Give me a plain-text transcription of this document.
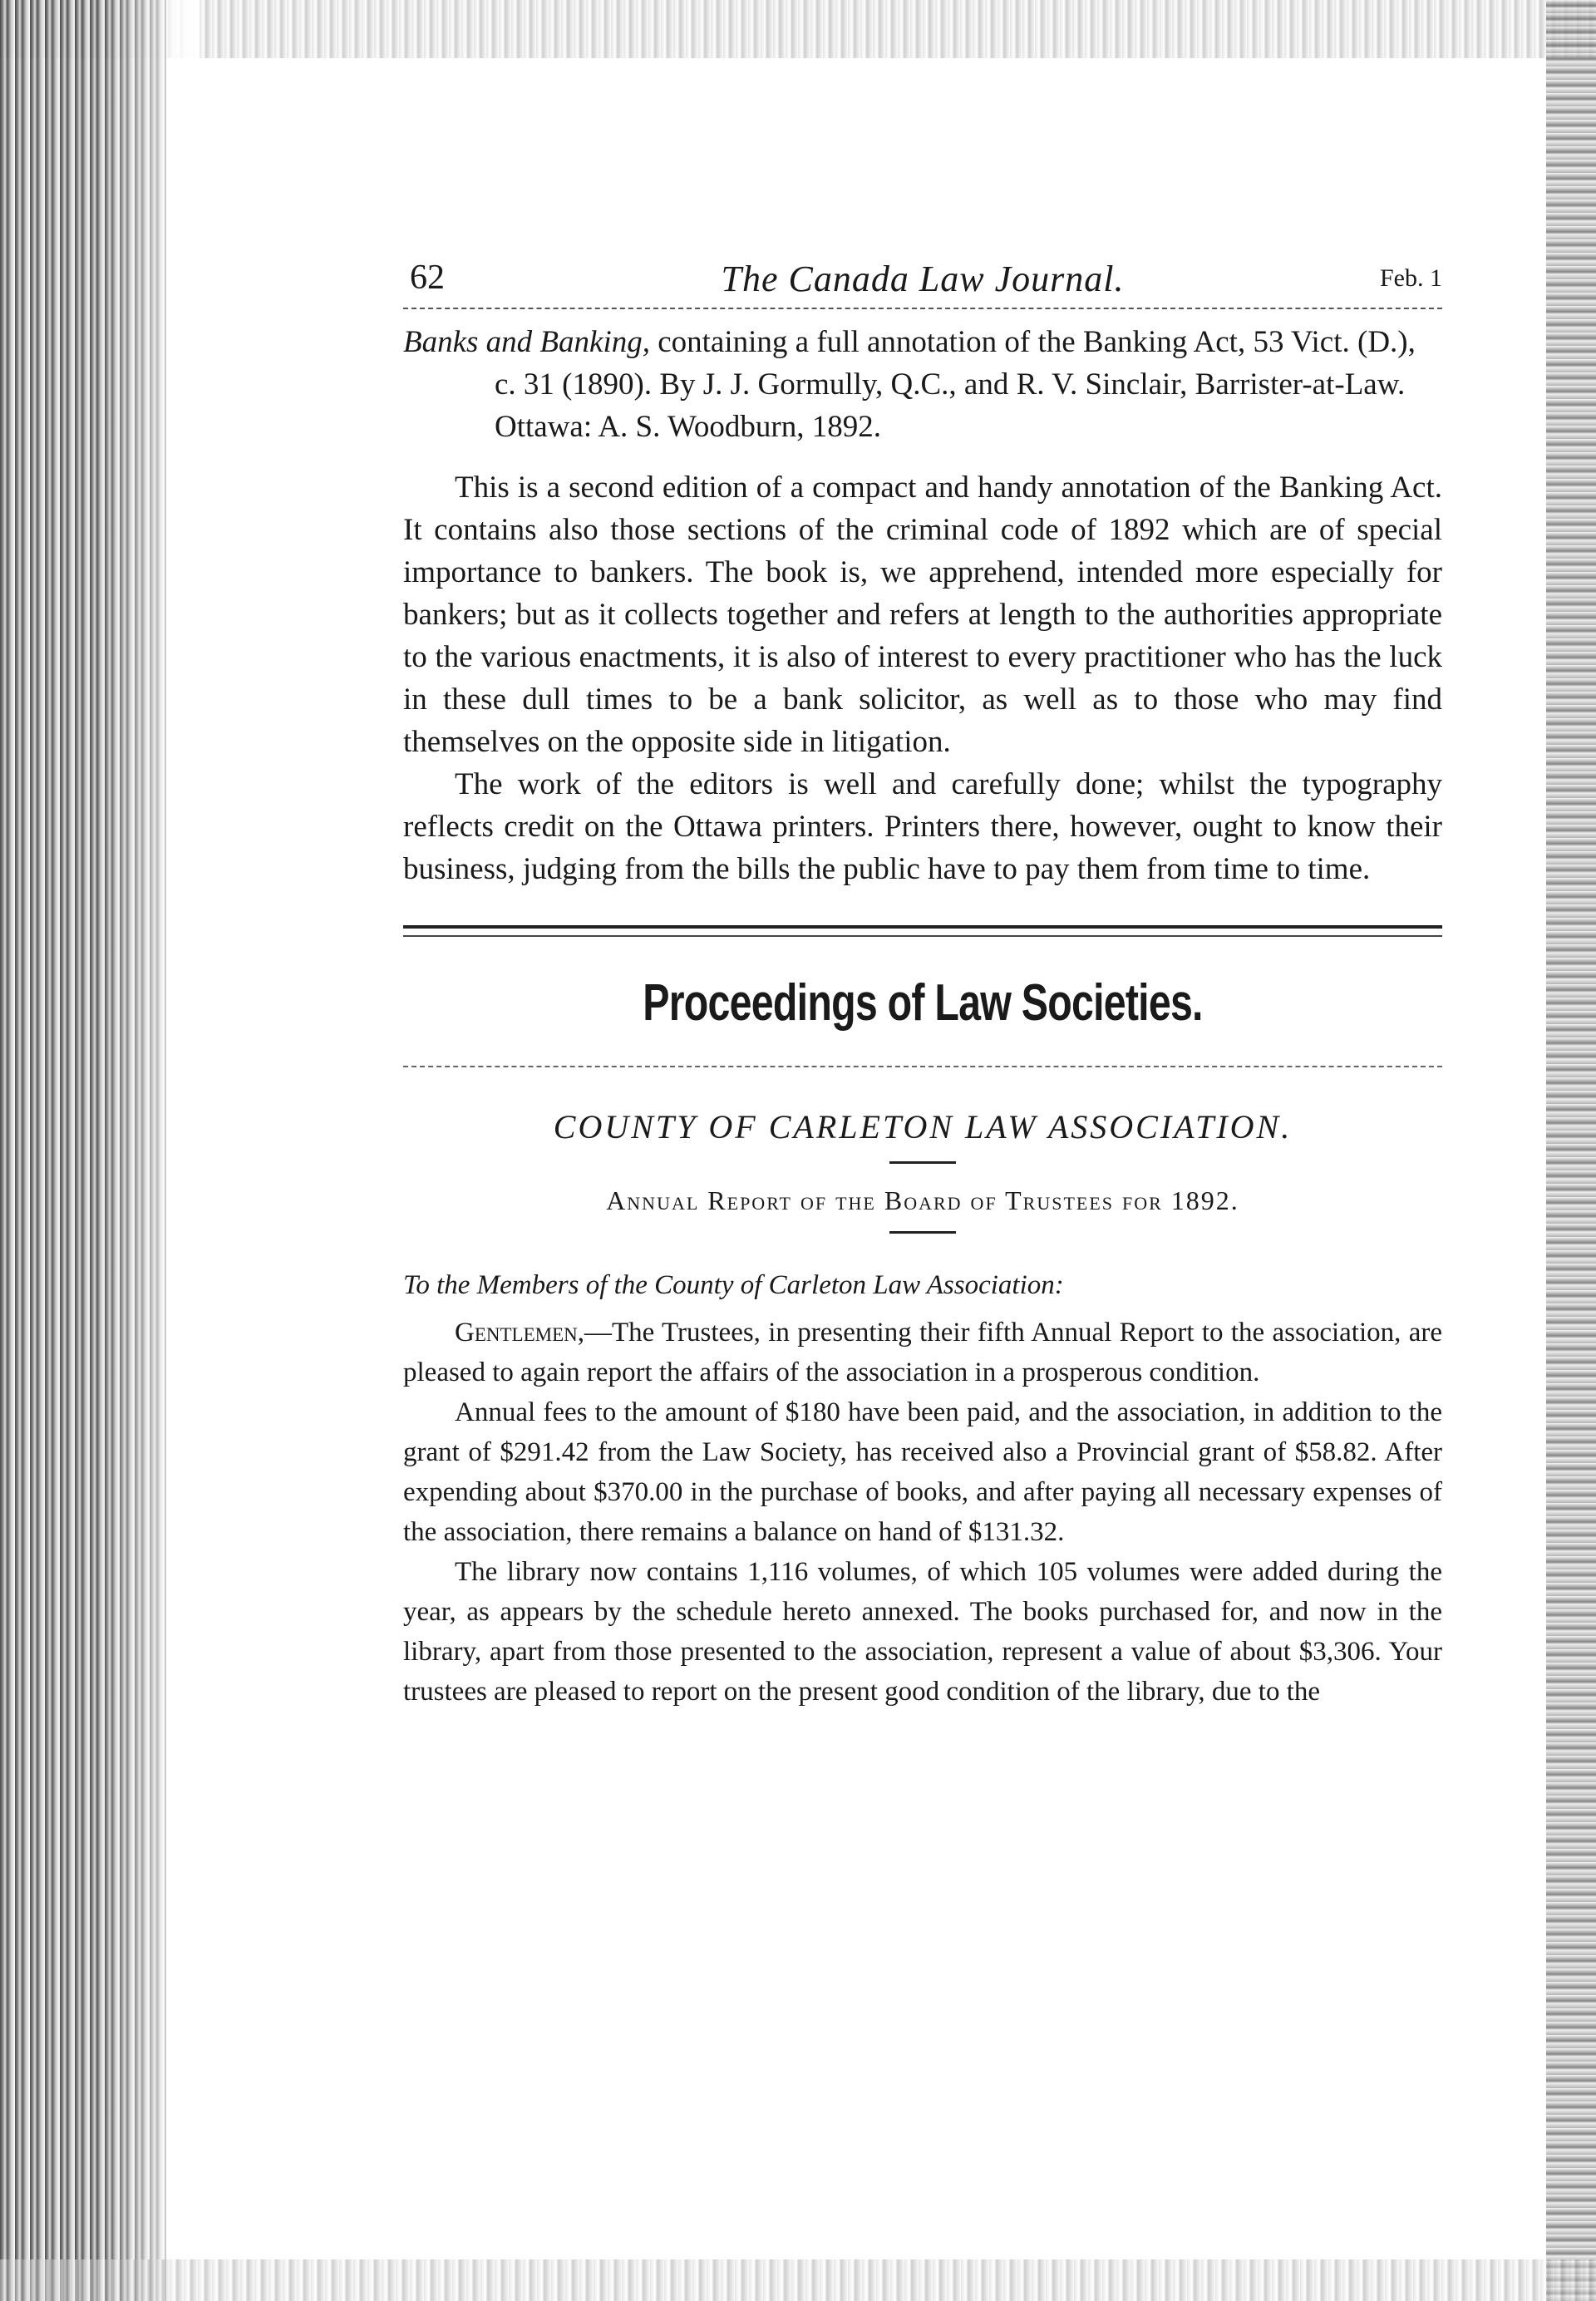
62	The Canada Law Journal.	Feb. 1

Banks and Banking, containing a full annotation of the Banking Act, 53 Vict. (D.), c. 31 (1890). By J. J. Gormully, Q.C., and R. V. Sinclair, Barrister-at-Law. Ottawa: A. S. Woodburn, 1892.

This is a second edition of a compact and handy annotation of the Banking Act. It contains also those sections of the criminal code of 1892 which are of special importance to bankers. The book is, we apprehend, intended more especially for bankers; but as it collects together and refers at length to the authorities appropriate to the various enactments, it is also of interest to every practitioner who has the luck in these dull times to be a bank solicitor, as well as to those who may find themselves on the opposite side in litigation.

The work of the editors is well and carefully done; whilst the typography reflects credit on the Ottawa printers. Printers there, however, ought to know their business, judging from the bills the public have to pay them from time to time.

Proceedings of Law Societies.
COUNTY OF CARLETON LAW ASSOCIATION.
Annual Report of the Board of Trustees for 1892.
To the Members of the County of Carleton Law Association:

Gentlemen,—The Trustees, in presenting their fifth Annual Report to the association, are pleased to again report the affairs of the association in a prosperous condition.

Annual fees to the amount of $180 have been paid, and the association, in addition to the grant of $291.42 from the Law Society, has received also a Provincial grant of $58.82. After expending about $370.00 in the purchase of books, and after paying all necessary expenses of the association, there remains a balance on hand of $131.32.

The library now contains 1,116 volumes, of which 105 volumes were added during the year, as appears by the schedule hereto annexed. The books purchased for, and now in the library, apart from those presented to the association, represent a value of about $3,306. Your trustees are pleased to report on the present good condition of the library, due to the
